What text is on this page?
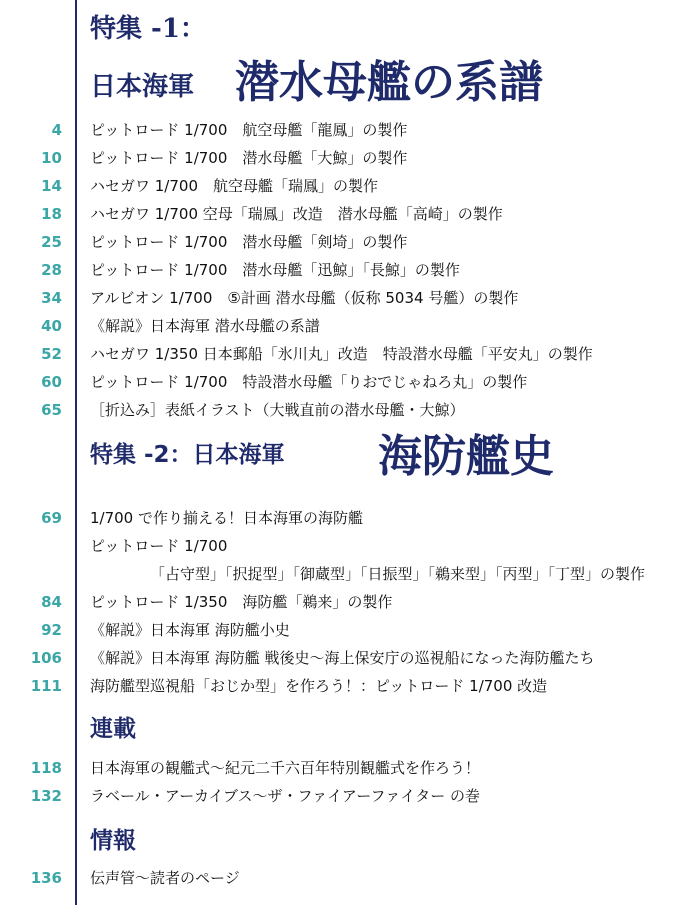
特集 -1：
日本海軍 潜水母艦の系譜
4 ピットロード 1/700　航空母艦「龍鳳」の製作
10 ピットロード 1/700　潜水母艦「大鯨」の製作
14 ハセガワ 1/700　航空母艦「瑞鳳」の製作
18 ハセガワ 1/700 空母「瑞鳳」改造　潜水母艦「高崎」の製作
25 ピットロード 1/700　潜水母艦「剣埼」の製作
28 ピットロード 1/700　潜水母艦「迅鯨」「長鯨」の製作
34 アルビオン 1/700　⑤計画 潜水母艦（仮称 5034 号艦）の製作
40 《解説》日本海軍 潜水母艦の系譜
52 ハセガワ 1/350 日本郵船「氷川丸」改造　特設潜水母艦「平安丸」の製作
60 ピットロード 1/700　特設潜水母艦「りおでじゃねろ丸」の製作
65 ［折込み］表紙イラスト（大戦直前の潜水母艦・大鯨）
特集 -2：日本海軍 海防艦史
69 1/700 で作り揃える！日本海軍の海防艦
ピットロード 1/700
「占守型」「択捉型」「御蔵型」「日振型」「鵜来型」「丙型」「丁型」の製作
84 ピットロード 1/350　海防艦「鵜来」の製作
92 《解説》日本海軍 海防艦小史
106 《解説》日本海軍 海防艦 戦後史〜海上保安庁の巡視船になった海防艦たち
111 海防艦型巡視船「おじか型」を作ろう！：ピットロード 1/700 改造
連載
118 日本海軍の観艦式〜紀元二千六百年特別観艦式を作ろう！
132 ラベール・アーカイブス〜ザ・ファイアーファイター の巻
情報
136 伝声管〜読者のページ
